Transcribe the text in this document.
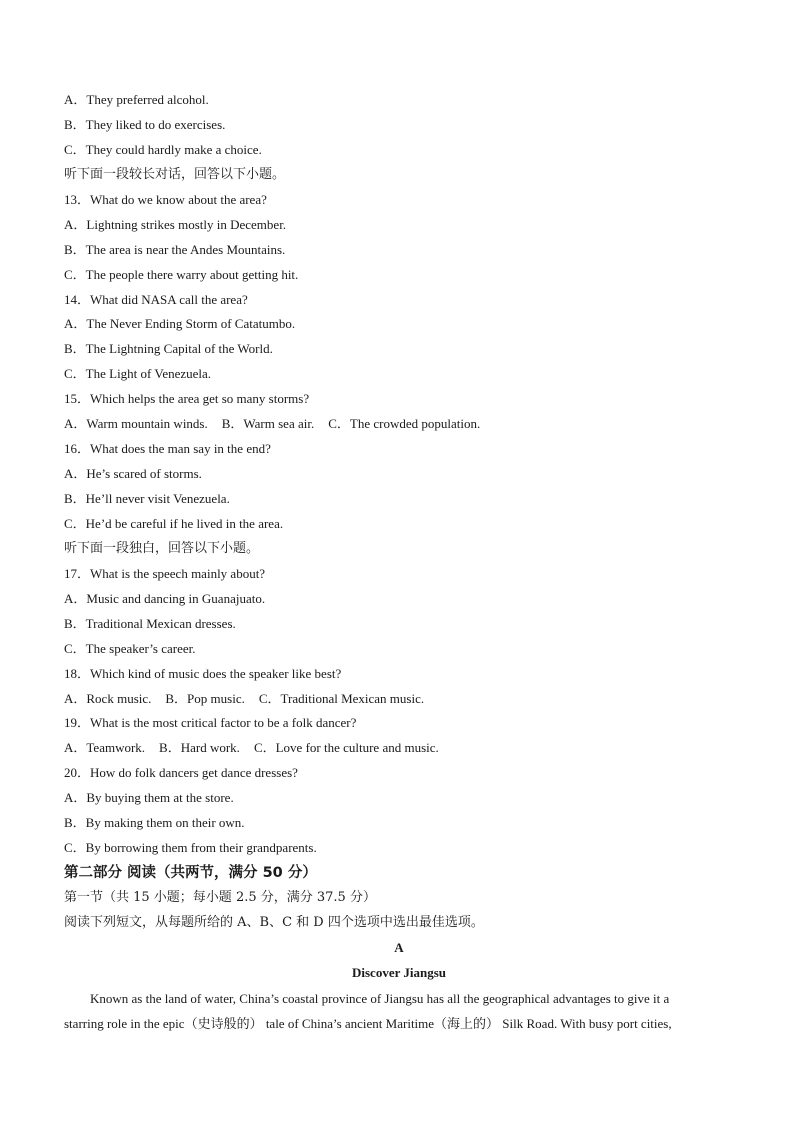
A．They preferred alcohol.
B．They liked to do exercises.
C．They could hardly make a choice.
听下面一段较长对话，回答以下小题。
13．What do we know about the area?
A．Lightning strikes mostly in December.
B．The area is near the Andes Mountains.
C．The people there warry about getting hit.
14．What did NASA call the area?
A．The Never Ending Storm of Catatumbo.
B．The Lightning Capital of the World.
C．The Light of Venezuela.
15．Which helps the area get so many storms?
A．Warm mountain winds. B．Warm sea air. C．The crowded population.
16．What does the man say in the end?
A．He’s scared of storms.
B．He’ll never visit Venezuela.
C．He’d be careful if he lived in the area.
听下面一段独白，回答以下小题。
17．What is the speech mainly about?
A．Music and dancing in Guanajuato.
B．Traditional Mexican dresses.
C．The speaker’s career.
18．Which kind of music does the speaker like best?
A．Rock music. B．Pop music. C．Traditional Mexican music.
19．What is the most critical factor to be a folk dancer?
A．Teamwork. B．Hard work. C．Love for the culture and music.
20．How do folk dancers get dance dresses?
A．By buying them at the store.
B．By making them on their own.
C．By borrowing them from their grandparents.
第二部分 阅读（共两节，满分 50 分）
第一节（共 15 小题；每小题 2.5 分，满分 37.5 分）
阅读下列短文，从每题所给的 A、B、C 和 D 四个选项中选出最佳选项。
A
Discover Jiangsu
Known as the land of water, China’s coastal province of Jiangsu has all the geographical advantages to give it a
starring role in the epic（史诗般的） tale of China’s ancient Maritime（海上的） Silk Road. With busy port cities,
